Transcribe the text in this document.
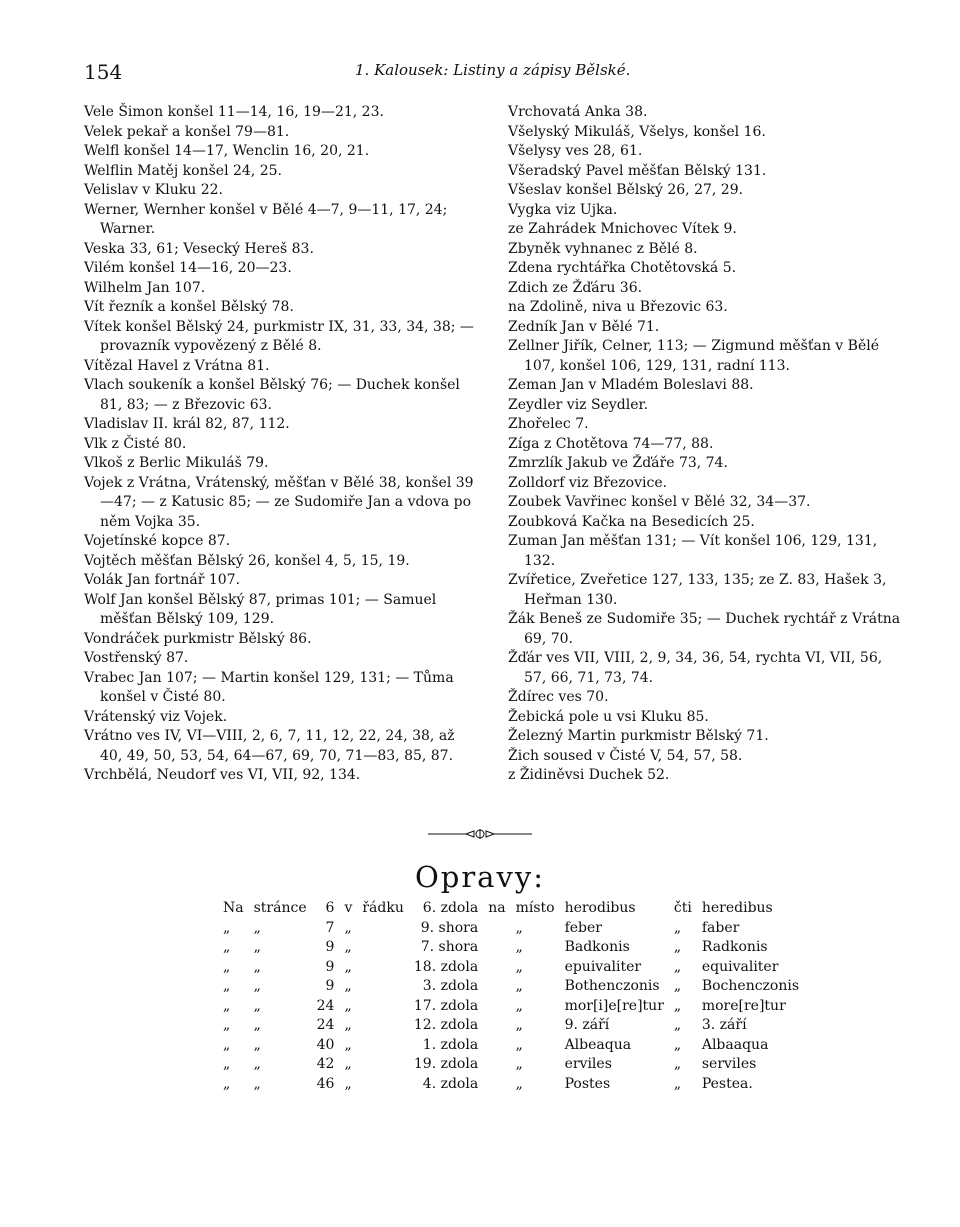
154	1. Kalousek: Listiny a zápisy Bělské.
Vele Šimon konšel 11—14, 16, 19—21, 23.
Velek pekař a konšel 79—81.
Welfl konšel 14—17, Wenclin 16, 20, 21.
Welflin Matěj konšel 24, 25.
Velislav v Kluku 22.
Werner, Wernher konšel v Bělé 4—7, 9—11, 17, 24; Warner.
Veska 33, 61; Vesecký Hereš 83.
Vilém konšel 14—16, 20—23.
Wilhelm Jan 107.
Vít řezník a konšel Bělský 78.
Vítek konšel Bělský 24, purkmistr IX, 31, 33, 34, 38; — provazník vypovězený z Bělé 8.
Vítězal Havel z Vrátna 81.
Vlach soukeník a konšel Bělský 76; — Duchek konšel 81, 83; — z Březovic 63.
Vladislav II. král 82, 87, 112.
Vlk z Čisté 80.
Vlkoš z Berlic Mikuláš 79.
Vojek z Vrátna, Vrátenský, měšťan v Bělé 38, konšel 39—47; — z Katusic 85; — ze Sudomiře Jan a vdova po něm Vojka 35.
Vojetínské kopce 87.
Vojtěch měšťan Bělský 26, konšel 4, 5, 15, 19.
Volák Jan fortnář 107.
Wolf Jan konšel Bělský 87, primas 101; — Samuel měšťan Bělský 109, 129.
Vondráček purkmistr Bělský 86.
Vostřenský 87.
Vrabec Jan 107; — Martin konšel 129, 131; — Tůma konšel v Čisté 80.
Vrátenský viz Vojek.
Vrátno ves IV, VI—VIII, 2, 6, 7, 11, 12, 22, 24, 38, až 40, 49, 50, 53, 54, 64—67, 69, 70, 71—83, 85, 87.
Vrchbělá, Neudorf ves VI, VII, 92, 134.
Vrchovatá Anka 38.
Všelyský Mikuláš, Všelys, konšel 16.
Všelysy ves 28, 61.
Všeradský Pavel měšťan Bělský 131.
Všeslav konšel Bělský 26, 27, 29.
Vygka viz Ujka.
ze Zahrádek Mnichovec Vítek 9.
Zbyněk vyhnanec z Bělé 8.
Zdena rychtářka Chotětovská 5.
Zdich ze Žďáru 36.
na Zdolině, niva u Březovic 63.
Zedník Jan v Bělé 71.
Zellner Jiřík, Celner, 113; — Zigmund měšťan v Bělé 107, konšel 106, 129, 131, radní 113.
Zeman Jan v Mladém Boleslavi 88.
Zeydler viz Seydler.
Zhořelec 7.
Zíga z Chotětova 74—77, 88.
Zmrzlík Jakub ve Žďáře 73, 74.
Zolldorf viz Březovice.
Zoubek Vavřinec konšel v Bělé 32, 34—37.
Zoubková Kačka na Besedicích 25.
Zuman Jan měšťan 131; — Vít konšel 106, 129, 131, 132.
Zvířetice, Zveřetice 127, 133, 135; ze Z. 83, Hašek 3, Heřman 130.
Žák Beneš ze Sudomiře 35; — Duchek rychtář z Vrátna 69, 70.
Žďár ves VII, VIII, 2, 9, 34, 36, 54, rychta VI, VII, 56, 57, 66, 71, 73, 74.
Ždírec ves 70.
Žebická pole u vsi Kluku 85.
Železný Martin purkmistr Bělský 71.
Žich soused v Čisté V, 54, 57, 58.
z Židiněvsi Duchek 52.
Opravy:
Na	stránce	6	v	řádku	6. zdola	na	místo	herodibus	čti	heredibus
„	„	7	„		9. shora		„	feber	„	faber
„	„	9	„		7. shora		„	Badkonis	„	Radkonis
„	„	9	„		18. zdola		„	epuivaliter	„	equivaliter
„	„	9	„		3. zdola		„	Bothenczonis	„	Bochenczonis
„	„	24	„		17. zdola		„	mor[i]e[re]tur	„	more[re]tur
„	„	24	„		12. zdola		„	9. září	„	3. září
„	„	40	„		1. zdola		„	Albeaqua	„	Albaaqua
„	„	42	„		19. zdola		„	erviles	„	serviles
„	„	46	„		4. zdola		„	Postes	„	Pestea.
